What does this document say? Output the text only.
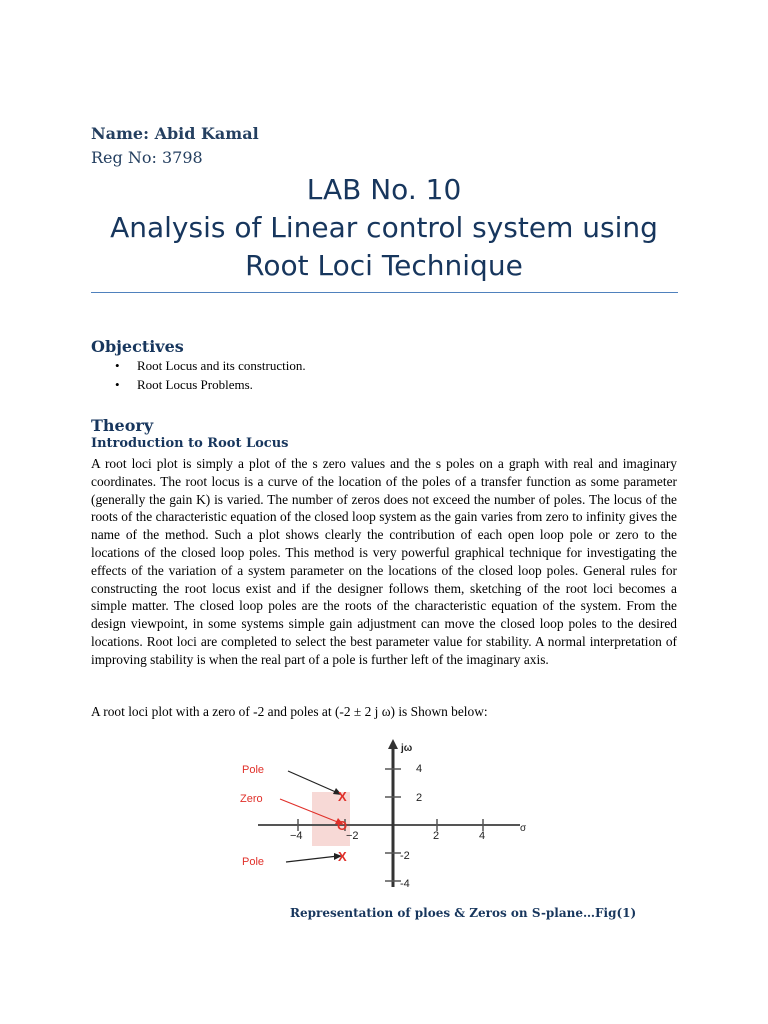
Name: Abid Kamal
Reg No: 3798
LAB No. 10
Analysis of Linear control system using
Root Loci Technique
Objectives
• Root Locus and its construction.
• Root Locus Problems.
Theory
Introduction to Root Locus
A root loci plot is simply a plot of the s zero values and the s poles on a graph with real and imaginary coordinates. The root locus is a curve of the location of the poles of a transfer function as some parameter (generally the gain K) is varied. The number of zeros does not exceed the number of poles. The locus of the roots of the characteristic equation of the closed loop system as the gain varies from zero to infinity gives the name of the method. Such a plot shows clearly the contribution of each open loop pole or zero to the locations of the closed loop poles. This method is very powerful graphical technique for investigating the effects of the variation of a system parameter on the locations of the closed loop poles. General rules for constructing the root locus exist and if the designer follows them, sketching of the root loci becomes a simple matter. The closed loop poles are the roots of the characteristic equation of the system. From the design viewpoint, in some systems simple gain adjustment can move the closed loop poles to the desired locations. Root loci are completed to select the best parameter value for stability. A normal interpretation of improving stability is when the real part of a pole is further left of the imaginary axis.
A root loci plot with a zero of -2 and poles at (-2 ± 2 j ω) is Shown below:
Pole
Zero
Pole
X
O
X
4
2
-2
-4
−4	−2	2	4
jω
σ
Representation of ploes & Zeros on S-plane…Fig(1)
